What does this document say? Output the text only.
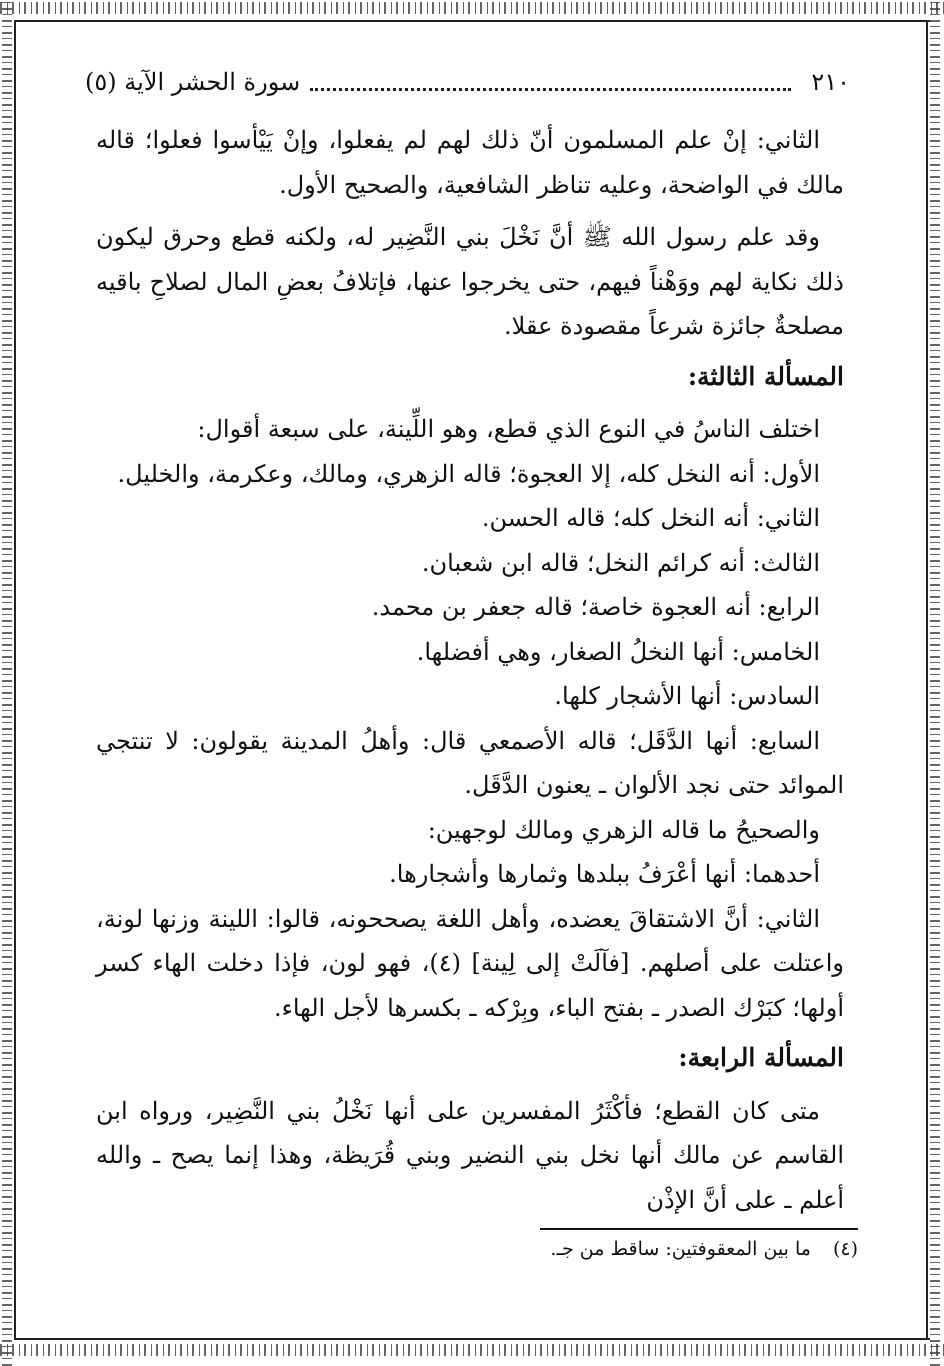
٢١٠
سورة الحشر الآية (٥)

الثاني: إنْ علم المسلمون أنّ ذلك لهم لم يفعلوا، وإنْ يَيْأسوا فعلوا؛ قاله مالك في الواضحة، وعليه تناظر الشافعية، والصحيح الأول.

وقد علم رسول الله ﷺ أنَّ نَخْلَ بني النَّضِير له، ولكنه قطع وحرق ليكون ذلك نكاية لهم ووَهْناً فيهم، حتى يخرجوا عنها، فإتلافُ بعضِ المال لصلاحِ باقيه مصلحةٌ جائزة شرعاً مقصودة عقلا.

المسألة الثالثة:

اختلف الناسُ في النوع الذي قطع، وهو اللِّينة، على سبعة أقوال:

الأول: أنه النخل كله، إلا العجوة؛ قاله الزهري، ومالك، وعكرمة، والخليل.

الثاني: أنه النخل كله؛ قاله الحسن.

الثالث: أنه كرائم النخل؛ قاله ابن شعبان.

الرابع: أنه العجوة خاصة؛ قاله جعفر بن محمد.

الخامس: أنها النخلُ الصغار، وهي أفضلها.

السادس: أنها الأشجار كلها.

السابع: أنها الدَّقَل؛ قاله الأصمعي قال: وأهلُ المدينة يقولون: لا تنتجي الموائد حتى نجد الألوان ـ يعنون الدَّقَل.

والصحيحُ ما قاله الزهري ومالك لوجهين:

أحدهما: أنها أعْرَفُ ببلدها وثمارها وأشجارها.

الثاني: أنَّ الاشتقاقَ يعضده، وأهل اللغة يصححونه، قالوا: اللينة وزنها لونة، واعتلت على أصلهم. [فآلَتْ إلى لِينة] (٤)، فهو لون، فإذا دخلت الهاء كسر أولها؛ كبَرْك الصدر ـ بفتح الباء، وبِرْكه ـ بكسرها لأجل الهاء.

المسألة الرابعة:

متى كان القطع؛ فأكْثَرُ المفسرين على أنها نَخْلُ بني النَّضِير، ورواه ابن القاسم عن مالك أنها نخل بني النضير وبني قُرَيظة، وهذا إنما يصح ـ والله أعلم ـ على أنَّ الإذْن

(٤)
ما بين المعقوفتين: ساقط من جـ.
